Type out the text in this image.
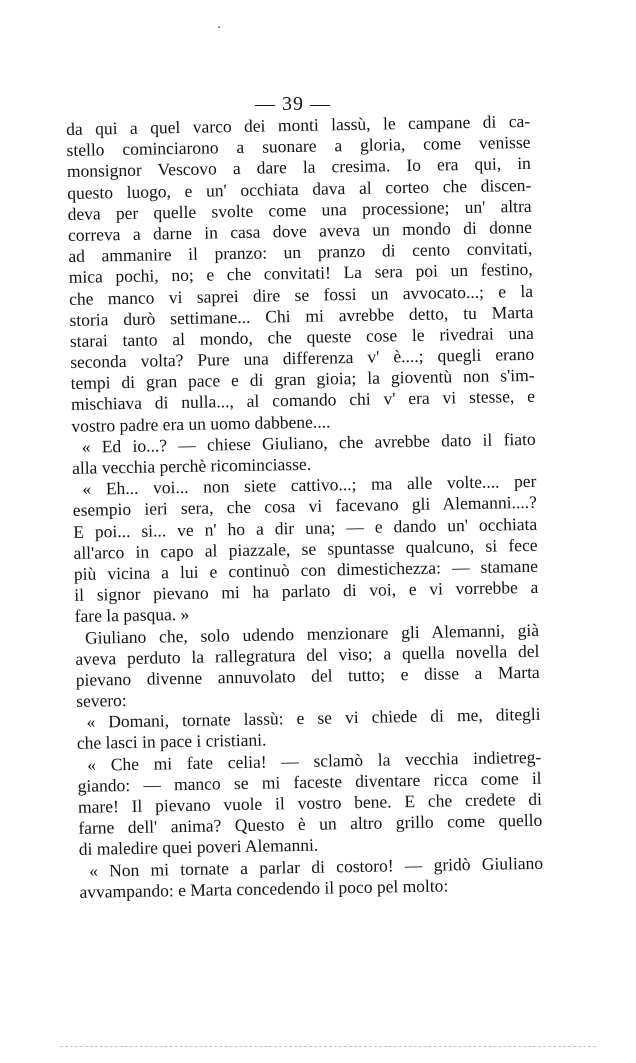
— 39 —
da qui a quel varco dei monti lassù, le campane di ca-
stello cominciarono a suonare a gloria, come venisse
monsignor Vescovo a dare la cresima. Io era qui, in
questo luogo, e un' occhiata dava al corteo che discen-
deva per quelle svolte come una processione; un' altra
correva a darne in casa dove aveva un mondo di donne
ad ammanire il pranzo: un pranzo di cento convitati,
mica pochi, no; e che convitati! La sera poi un festino,
che manco vi saprei dire se fossi un avvocato...; e la
storia durò settimane... Chi mi avrebbe detto, tu Marta
starai tanto al mondo, che queste cose le rivedrai una
seconda volta? Pure una differenza v' è....; quegli erano
tempi di gran pace e di gran gioia; la gioventù non s'im-
mischiava di nulla..., al comando chi v' era vi stesse, e
vostro padre era un uomo dabbene....
« Ed io...? — chiese Giuliano, che avrebbe dato il fiato
alla vecchia perchè ricominciasse.
« Eh... voi... non siete cattivo...; ma alle volte.... per
esempio ieri sera, che cosa vi facevano gli Alemanni....?
E poi... si... ve n' ho a dir una; — e dando un' occhiata
all'arco in capo al piazzale, se spuntasse qualcuno, si fece
più vicina a lui e continuò con dimestichezza: — stamane
il signor pievano mi ha parlato di voi, e vi vorrebbe a
fare la pasqua. »
Giuliano che, solo udendo menzionare gli Alemanni, già
aveva perduto la rallegratura del viso; a quella novella del
pievano divenne annuvolato del tutto; e disse a Marta
severo:
« Domani, tornate lassù: e se vi chiede di me, ditegli
che lasci in pace i cristiani.
« Che mi fate celia! — sclamò la vecchia indietreg-
giando: — manco se mi faceste diventare ricca come il
mare! Il pievano vuole il vostro bene. E che credete di
farne dell' anima? Questo è un altro grillo come quello
di maledire quei poveri Alemanni.
« Non mi tornate a parlar di costoro! — gridò Giuliano
avvampando: e Marta concedendo il poco pel molto:
